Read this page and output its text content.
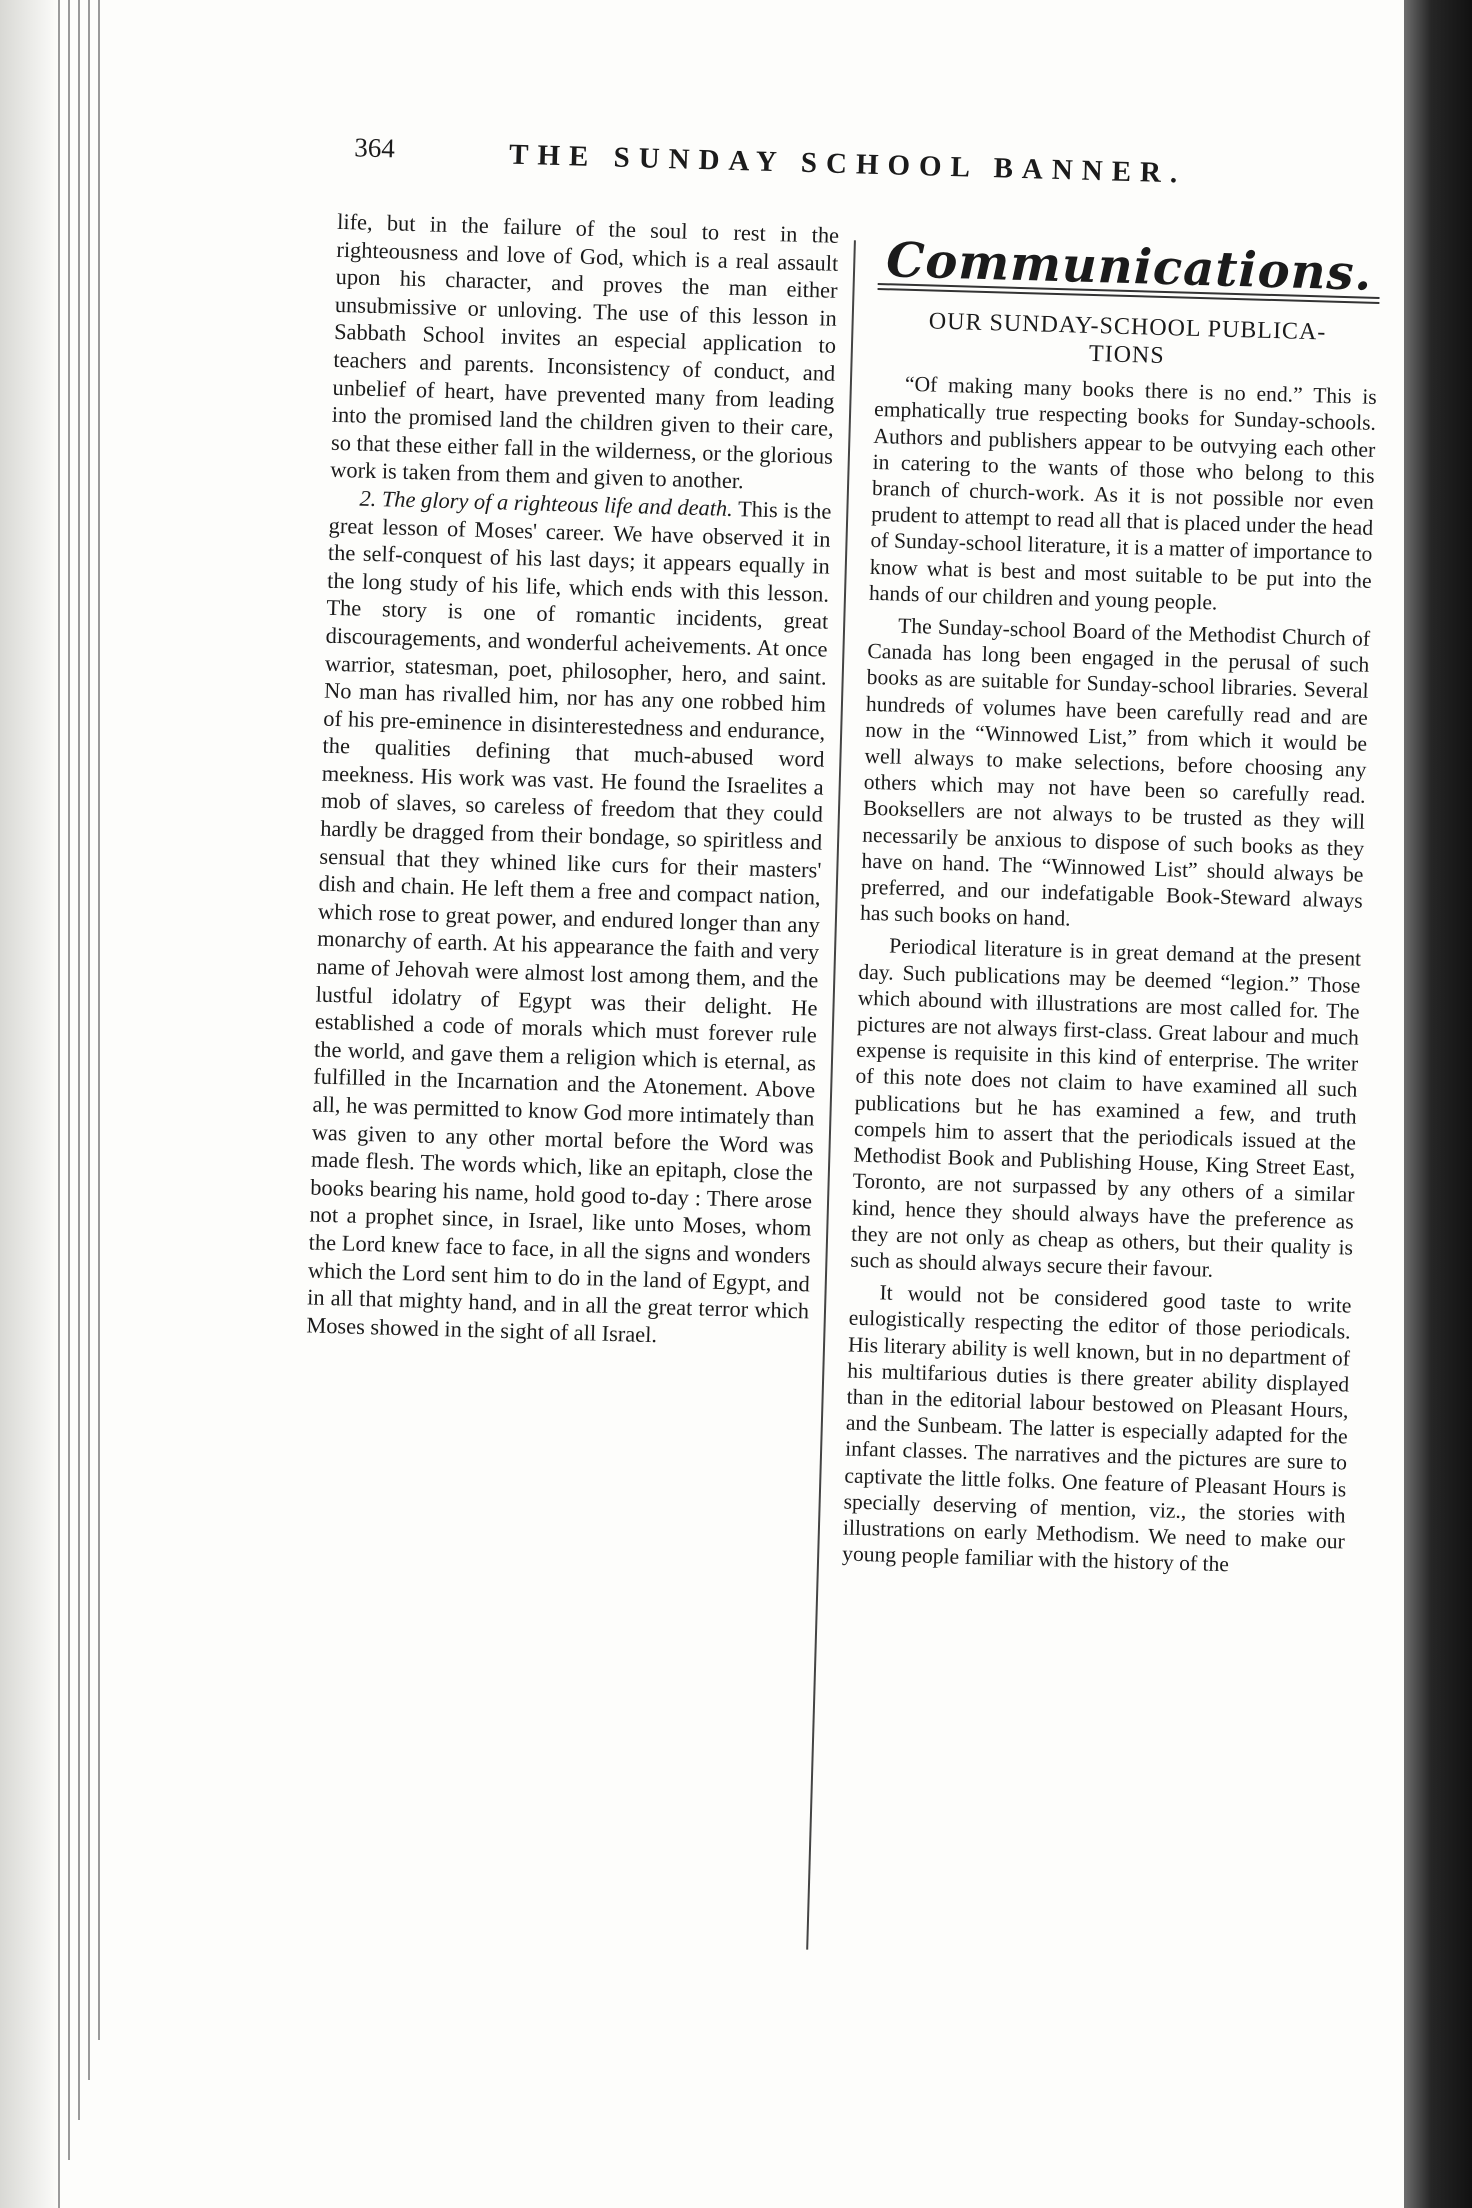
364	THE SUNDAY SCHOOL BANNER.

life, but in the failure of the soul to rest in the righteousness and love of God, which is a real assault upon his character, and proves the man either unsubmissive or unloving. The use of this lesson in Sabbath School invites an especial application to teachers and parents. Inconsistency of conduct, and unbelief of heart, have prevented many from leading into the promised land the children given to their care, so that these either fall in the wilderness, or the glorious work is taken from them and given to another.

2. The glory of a righteous life and death. This is the great lesson of Moses' career. We have observed it in the self-conquest of his last days; it appears equally in the long study of his life, which ends with this lesson. The story is one of romantic incidents, great discouragements, and wonderful acheivements. At once warrior, statesman, poet, philosopher, hero, and saint. No man has rivalled him, nor has any one robbed him of his pre-eminence in disinterestedness and endurance, the qualities defining that much-abused word meekness. His work was vast. He found the Israelites a mob of slaves, so careless of freedom that they could hardly be dragged from their bondage, so spiritless and sensual that they whined like curs for their masters' dish and chain. He left them a free and compact nation, which rose to great power, and endured longer than any monarchy of earth. At his appearance the faith and very name of Jehovah were almost lost among them, and the lustful idolatry of Egypt was their delight. He established a code of morals which must forever rule the world, and gave them a religion which is eternal, as fulfilled in the Incarnation and the Atonement. Above all, he was permitted to know God more intimately than was given to any other mortal before the Word was made flesh. The words which, like an epitaph, close the books bearing his name, hold good to-day : There arose not a prophet since, in Israel, like unto Moses, whom the Lord knew face to face, in all the signs and wonders which the Lord sent him to do in the land of Egypt, and in all that mighty hand, and in all the great terror which Moses showed in the sight of all Israel.

Communications.
OUR SUNDAY-SCHOOL PUBLICA-
TIONS

“Of making many books there is no end.” This is emphatically true respecting books for Sunday-schools. Authors and publishers appear to be outvying each other in catering to the wants of those who belong to this branch of church-work. As it is not possible nor even prudent to attempt to read all that is placed under the head of Sunday-school literature, it is a matter of importance to know what is best and most suitable to be put into the hands of our children and young people.

The Sunday-school Board of the Methodist Church of Canada has long been engaged in the perusal of such books as are suitable for Sunday-school libraries. Several hundreds of volumes have been carefully read and are now in the “Winnowed List,” from which it would be well always to make selections, before choosing any others which may not have been so carefully read. Booksellers are not always to be trusted as they will necessarily be anxious to dispose of such books as they have on hand. The “Winnowed List” should always be preferred, and our indefatigable Book-Steward always has such books on hand.

Periodical literature is in great demand at the present day. Such publications may be deemed “legion.” Those which abound with illustrations are most called for. The pictures are not always first-class. Great labour and much expense is requisite in this kind of enterprise. The writer of this note does not claim to have examined all such publications but he has examined a few, and truth compels him to assert that the periodicals issued at the Methodist Book and Publishing House, King Street East, Toronto, are not surpassed by any others of a similar kind, hence they should always have the preference as they are not only as cheap as others, but their quality is such as should always secure their favour.

It would not be considered good taste to write eulogistically respecting the editor of those periodicals. His literary ability is well known, but in no department of his multifarious duties is there greater ability displayed than in the editorial labour bestowed on Pleasant Hours, and the Sunbeam. The latter is especially adapted for the infant classes. The narratives and the pictures are sure to captivate the little folks. One feature of Pleasant Hours is specially deserving of mention, viz., the stories with illustrations on early Methodism. We need to make our young people familiar with the history of the
